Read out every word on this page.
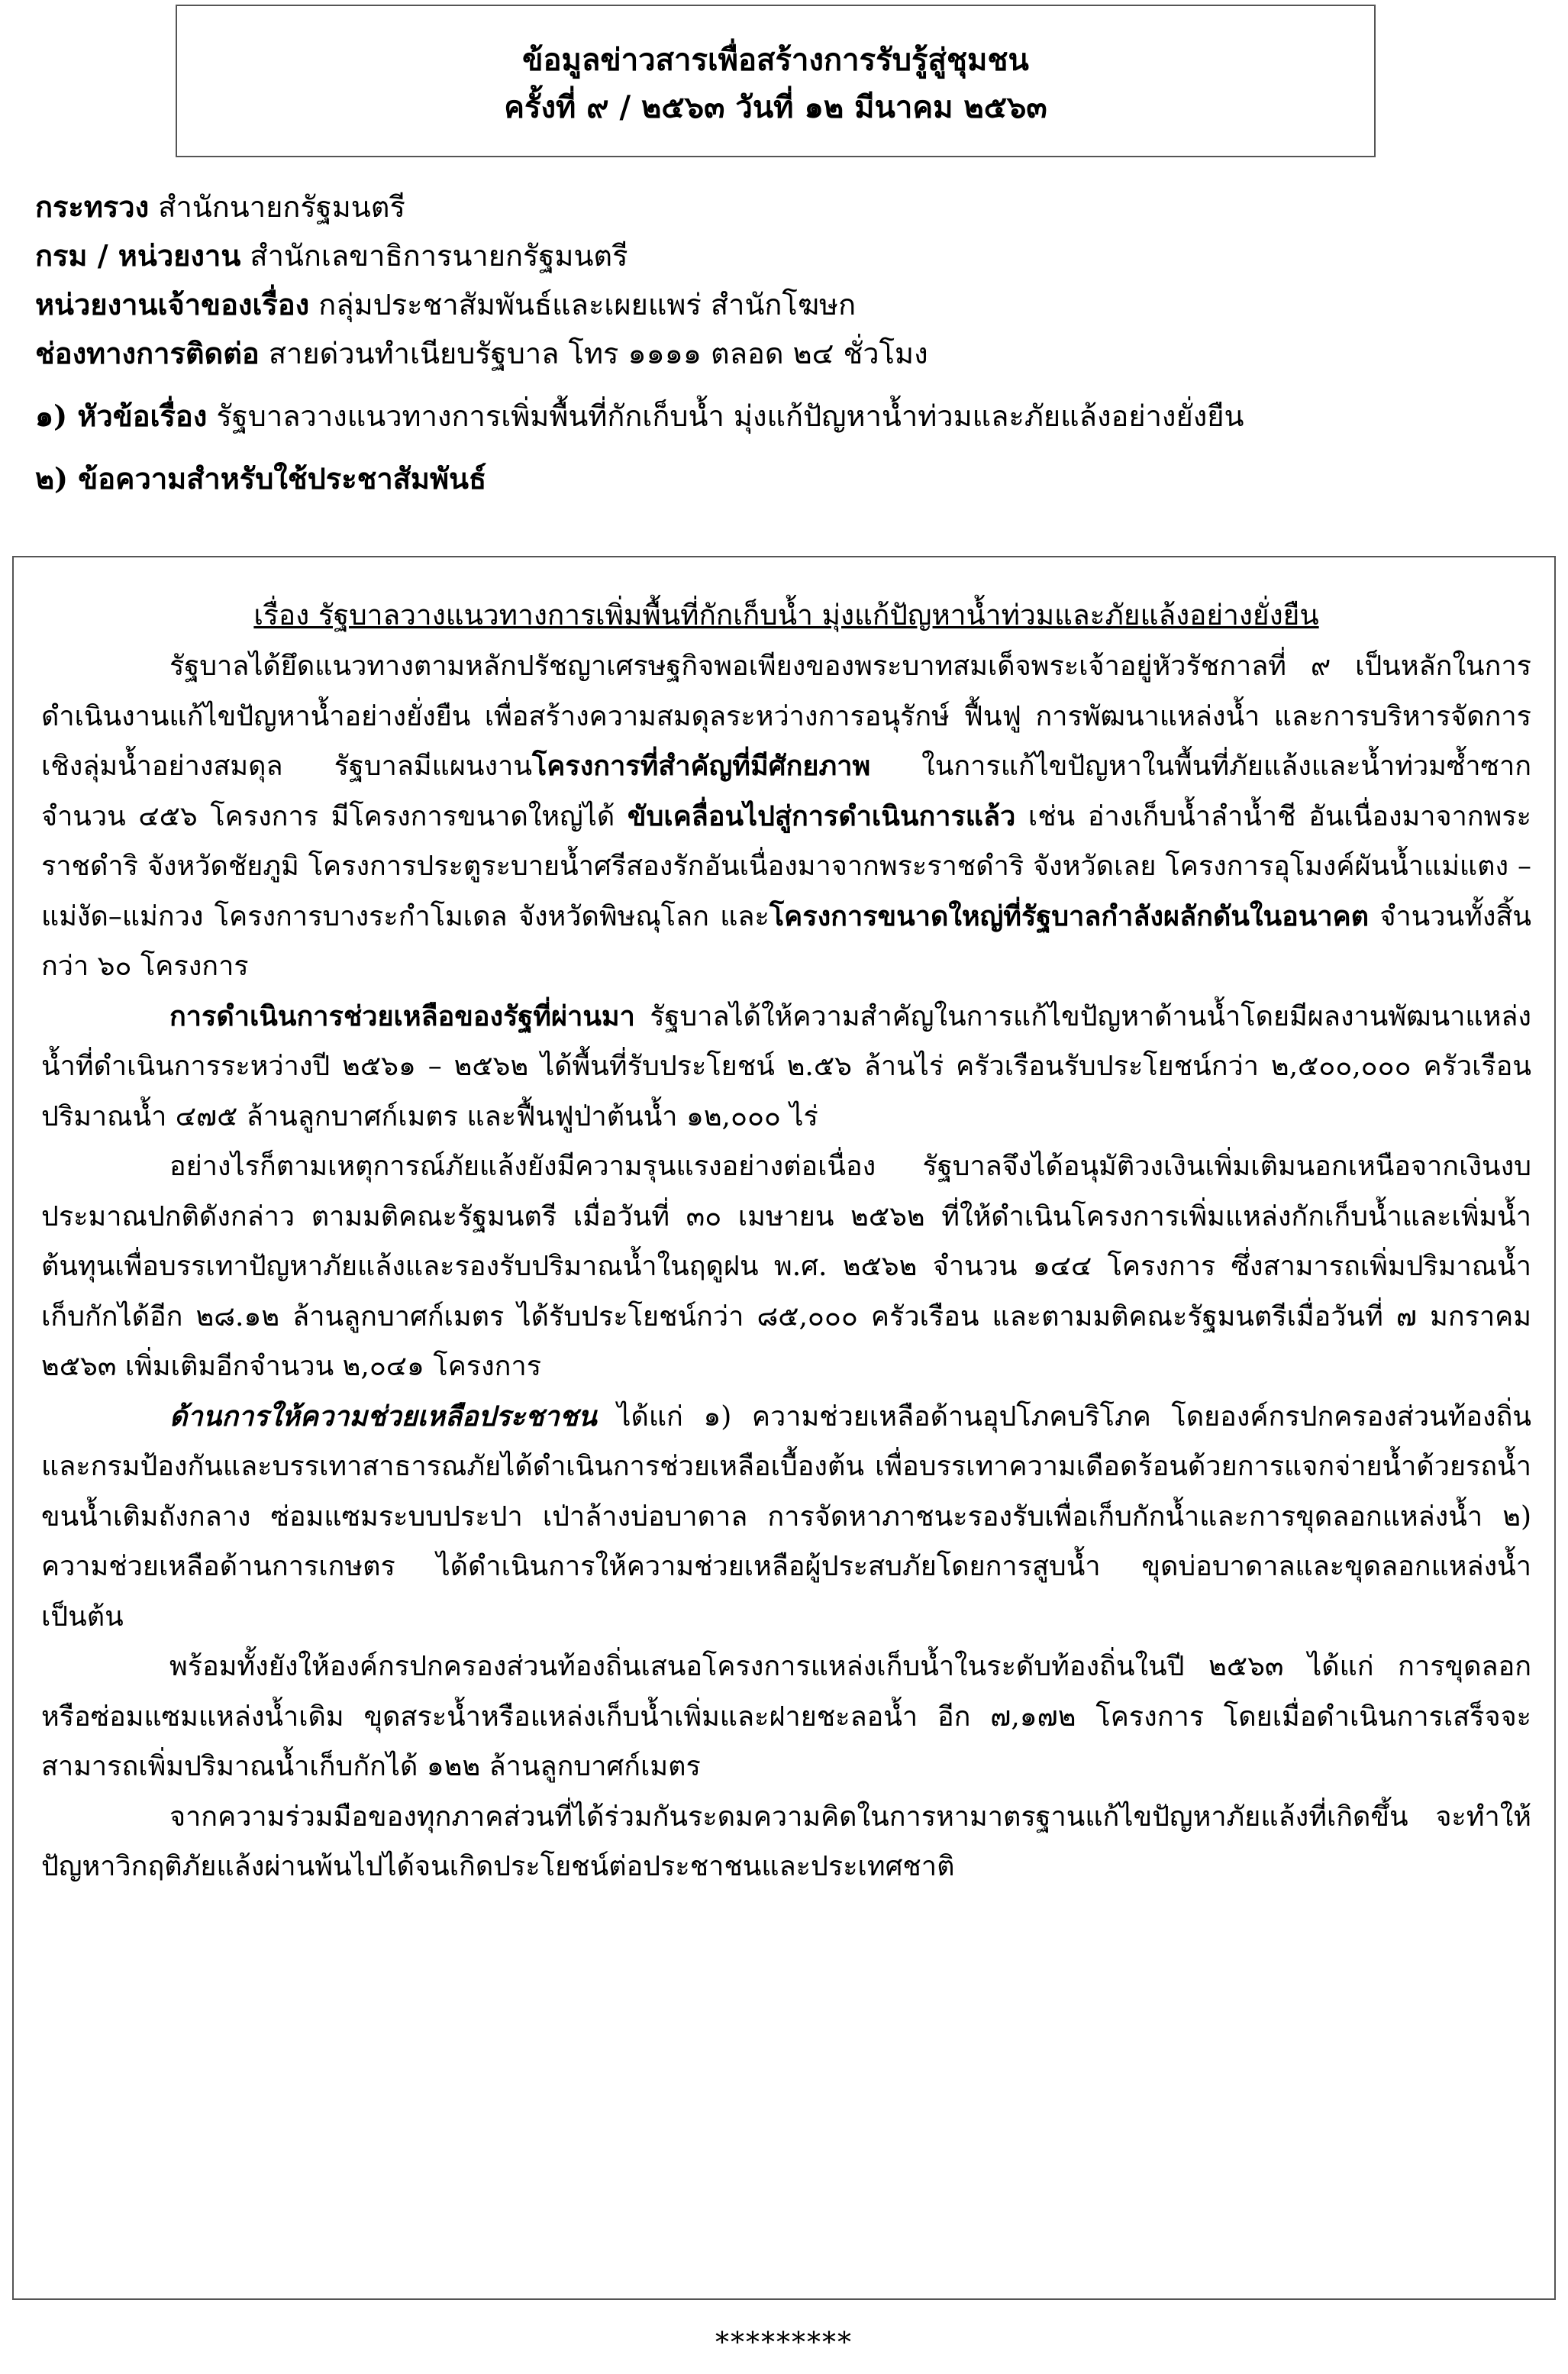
ข้อมูลข่าวสารเพื่อสร้างการรับรู้สู่ชุมชน
ครั้งที่ ๙ / ๒๕๖๓ วันที่ ๑๒ มีนาคม ๒๕๖๓
กระทรวง สำนักนายกรัฐมนตรี
กรม / หน่วยงาน สำนักเลขาธิการนายกรัฐมนตรี
หน่วยงานเจ้าของเรื่อง กลุ่มประชาสัมพันธ์และเผยแพร่ สำนักโฆษก
ช่องทางการติดต่อ สายด่วนทำเนียบรัฐบาล โทร ๑๑๑๑ ตลอด ๒๔ ชั่วโมง
๑) หัวข้อเรื่อง รัฐบาลวางแนวทางการเพิ่มพื้นที่กักเก็บน้ำ มุ่งแก้ปัญหาน้ำท่วมและภัยแล้งอย่างยั่งยืน
๒) ข้อความสำหรับใช้ประชาสัมพันธ์
เรื่อง รัฐบาลวางแนวทางการเพิ่มพื้นที่กักเก็บน้ำ มุ่งแก้ปัญหาน้ำท่วมและภัยแล้งอย่างยั่งยืน

รัฐบาลได้ยึดแนวทางตามหลักปรัชญาเศรษฐกิจพอเพียงของพระบาทสมเด็จพระเจ้าอยู่หัวรัชกาลที่ ๙ เป็นหลักในการดำเนินงานแก้ไขปัญหาน้ำอย่างยั่งยืน เพื่อสร้างความสมดุลระหว่างการอนุรักษ์ ฟื้นฟู การพัฒนาแหล่งน้ำ และการบริหารจัดการเชิงลุ่มน้ำอย่างสมดุล รัฐบาลมีแผนงานโครงการที่สำคัญที่มีศักยภาพ ในการแก้ไขปัญหาในพื้นที่ภัยแล้งและน้ำท่วมซ้ำซาก จำนวน ๔๕๖ โครงการ มีโครงการขนาดใหญ่ได้ ขับเคลื่อนไปสู่การดำเนินการแล้ว เช่น อ่างเก็บน้ำลำน้ำชี อันเนื่องมาจากพระราชดำริ จังหวัดชัยภูมิ โครงการประตูระบายน้ำศรีสองรักอันเนื่องมาจากพระราชดำริ จังหวัดเลย โครงการอุโมงค์ผันน้ำแม่แตง – แม่งัด–แม่กวง โครงการบางระกำโมเดล จังหวัดพิษณุโลก และโครงการขนาดใหญ่ที่รัฐบาลกำลังผลักดันในอนาคต จำนวนทั้งสิ้นกว่า ๖๐ โครงการ

การดำเนินการช่วยเหลือของรัฐที่ผ่านมา รัฐบาลได้ให้ความสำคัญในการแก้ไขปัญหาด้านน้ำโดยมีผลงานพัฒนาแหล่งน้ำที่ดำเนินการระหว่างปี ๒๕๖๑ – ๒๕๖๒ ได้พื้นที่รับประโยชน์ ๒.๕๖ ล้านไร่ ครัวเรือนรับประโยชน์กว่า ๒,๕๐๐,๐๐๐ ครัวเรือน ปริมาณน้ำ ๔๗๕ ล้านลูกบาศก์เมตร และฟื้นฟูป่าต้นน้ำ ๑๒,๐๐๐ ไร่

อย่างไรก็ตามเหตุการณ์ภัยแล้งยังมีความรุนแรงอย่างต่อเนื่อง รัฐบาลจึงได้อนุมัติวงเงินเพิ่มเติมนอกเหนือจากเงินงบประมาณปกติดังกล่าว ตามมติคณะรัฐมนตรี เมื่อวันที่ ๓๐ เมษายน ๒๕๖๒ ที่ให้ดำเนินโครงการเพิ่มแหล่งกักเก็บน้ำและเพิ่มน้ำต้นทุนเพื่อบรรเทาปัญหาภัยแล้งและรองรับปริมาณน้ำในฤดูฝน พ.ศ. ๒๕๖๒ จำนวน ๑๔๔ โครงการ ซึ่งสามารถเพิ่มปริมาณน้ำเก็บกักได้อีก ๒๘.๑๒ ล้านลูกบาศก์เมตร ได้รับประโยชน์กว่า ๘๕,๐๐๐ ครัวเรือน และตามมติคณะรัฐมนตรีเมื่อวันที่ ๗ มกราคม ๒๕๖๓ เพิ่มเติมอีกจำนวน ๒,๐๔๑ โครงการ

ด้านการให้ความช่วยเหลือประชาชน ได้แก่ ๑) ความช่วยเหลือด้านอุปโภคบริโภค โดยองค์กรปกครองส่วนท้องถิ่นและกรมป้องกันและบรรเทาสาธารณภัยได้ดำเนินการช่วยเหลือเบื้องต้น เพื่อบรรเทาความเดือดร้อนด้วยการแจกจ่ายน้ำด้วยรถน้ำ ขนน้ำเติมถังกลาง ซ่อมแซมระบบประปา เป่าล้างบ่อบาดาล การจัดหาภาชนะรองรับเพื่อเก็บกักน้ำและการขุดลอกแหล่งน้ำ ๒) ความช่วยเหลือด้านการเกษตร ได้ดำเนินการให้ความช่วยเหลือผู้ประสบภัยโดยการสูบน้ำ ขุดบ่อบาดาลและขุดลอกแหล่งน้ำ เป็นต้น

พร้อมทั้งยังให้องค์กรปกครองส่วนท้องถิ่นเสนอโครงการแหล่งเก็บน้ำในระดับท้องถิ่นในปี ๒๕๖๓ ได้แก่ การขุดลอกหรือซ่อมแซมแหล่งน้ำเดิม ขุดสระน้ำหรือแหล่งเก็บน้ำเพิ่มและฝายชะลอน้ำ อีก ๗,๑๗๒ โครงการ โดยเมื่อดำเนินการเสร็จจะสามารถเพิ่มปริมาณน้ำเก็บกักได้ ๑๒๒ ล้านลูกบาศก์เมตร

จากความร่วมมือของทุกภาคส่วนที่ได้ร่วมกันระดมความคิดในการหามาตรฐานแก้ไขปัญหาภัยแล้งที่เกิดขึ้น จะทำให้ปัญหาวิกฤติภัยแล้งผ่านพ้นไปได้จนเกิดประโยชน์ต่อประชาชนและประเทศชาติ

*********
